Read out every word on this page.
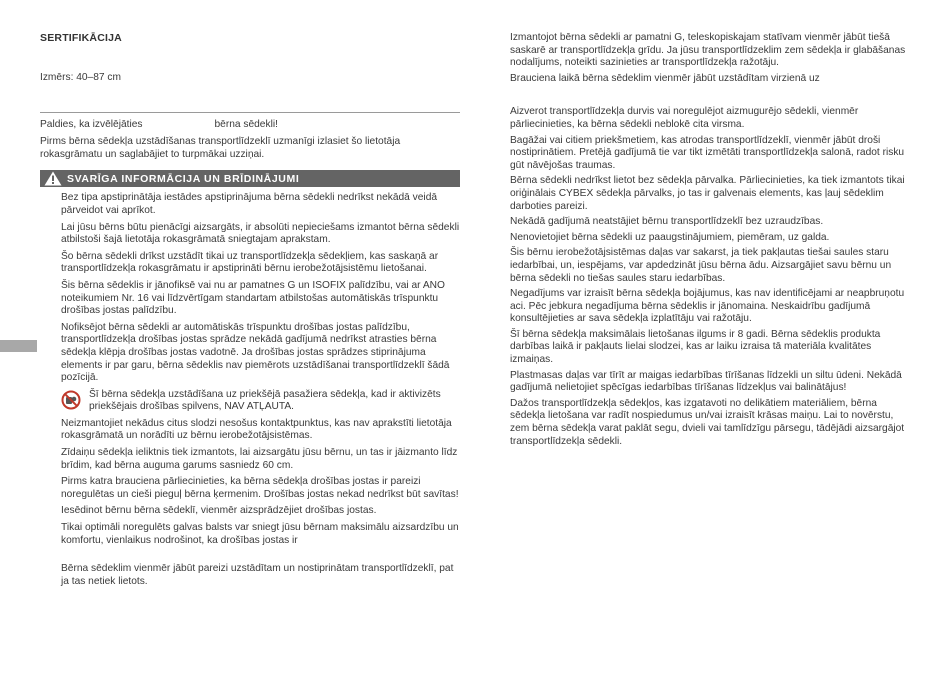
SERTIFIKĀCIJA
Izmērs: 40–87 cm
Paldies, ka izvēlējāties	bērna sēdekli!
Pirms bērna sēdekļa uzstādīšanas transportlīdzeklī uzmanīgi izlasiet šo lietotāja rokasgrāmatu un saglabājiet to turpmākai uzziņai.
SVARĪGA INFORMĀCIJA UN BRĪDINĀJUMI
Bez tipa apstiprinātāja iestādes apstiprinājuma bērna sēdekli nedrīkst nekādā veidā pārveidot vai aprīkot.
Lai jūsu bērns būtu pienācīgi aizsargāts, ir absolūti nepieciešams izmantot bērna sēdekli atbilstoši šajā lietotāja rokasgrāmatā sniegtajam aprakstam.
Šo bērna sēdekli drīkst uzstādīt tikai uz transportlīdzekļa sēdekļiem, kas saskaņā ar transportlīdzekļa rokasgrāmatu ir apstiprināti bērnu ierobežotājsistēmu lietošanai.
Šis bērna sēdeklis ir jānofiksē vai nu ar pamatnes G un ISOFIX palīdzību, vai ar ANO noteikumiem Nr. 16 vai līdzvērtīgam standartam atbilstošas automātiskās trīspunktu drošības jostas palīdzību.
Nofiksējot bērna sēdekli ar automātiskās trīspunktu drošības jostas palīdzību, transportlīdzekļa drošības jostas sprādze nekādā gadījumā nedrīkst atrasties bērna sēdekļa klēpja drošības jostas vadotnē. Ja drošības jostas sprādzes stiprinājuma elements ir par garu, bērna sēdeklis nav piemērots uzstādīšanai transportlīdzeklī šādā pozīcijā.
Šī bērna sēdekļa uzstādīšana uz priekšējā pasažiera sēdekļa, kad ir aktivizēts priekšējais drošības spilvens, NAV ATĻAUTA.
Neizmantojiet nekādus citus slodzi nesošus kontaktpunktus, kas nav aprakstīti lietotāja rokasgrāmatā un norādīti uz bērnu ierobežotājsistēmas.
Zīdaiņu sēdekļa ieliktnis tiek izmantots, lai aizsargātu jūsu bērnu, un tas ir jāizmanto līdz brīdim, kad bērna auguma garums sasniedz 60 cm.
Pirms katra brauciena pārliecinieties, ka bērna sēdekļa drošības jostas ir pareizi noregulētas un cieši pieguļ bērna ķermenim. Drošības jostas nekad nedrīkst būt savītas!
Iesēdinot bērnu bērna sēdeklī, vienmēr aizsprādzējiet drošības jostas.
Tikai optimāli noregulēts galvas balsts var sniegt jūsu bērnam maksimālu aizsardzību un komfortu, vienlaikus nodrošinot, ka drošības jostas ir
Bērna sēdeklim vienmēr jābūt pareizi uzstādītam un nostiprinātam transportlīdzeklī, pat ja tas netiek lietots.
Izmantojot bērna sēdekli ar pamatni G, teleskopiskajam statīvam vienmēr jābūt tiešā saskarē ar transportlīdzekļa grīdu. Ja jūsu transportlīdzeklim zem sēdekļa ir glabāšanas nodalījums, noteikti sazinieties ar transportlīdzekļa ražotāju.
Brauciena laikā bērna sēdeklim vienmēr jābūt uzstādītam virzienā uz
Aizverot transportlīdzekļa durvis vai noregulējot aizmugurējo sēdekli, vienmēr pārliecinieties, ka bērna sēdekli neblokē cita virsma.
Bagāžai vai citiem priekšmetiem, kas atrodas transportlīdzeklī, vienmēr jābūt droši nostiprinātiem. Pretējā gadījumā tie var tikt izmētāti transportlīdzekļa salonā, radot risku gūt nāvējošas traumas.
Bērna sēdekli nedrīkst lietot bez sēdekļa pārvalka. Pārliecinieties, ka tiek izmantots tikai oriģinālais CYBEX sēdekļa pārvalks, jo tas ir galvenais elements, kas ļauj sēdeklim darboties pareizi.
Nekādā gadījumā neatstājiet bērnu transportlīdzeklī bez uzraudzības.
Nenovietojiet bērna sēdekli uz paaugstinājumiem, piemēram, uz galda.
Šis bērnu ierobežotājsistēmas daļas var sakarst, ja tiek pakļautas tiešai saules staru iedarbībai, un, iespējams, var apdedzināt jūsu bērna ādu. Aizsargājiet savu bērnu un bērna sēdekli no tiešas saules staru iedarbības.
Negadījums var izraisīt bērna sēdekļa bojājumus, kas nav identificējami ar neapbruņotu aci. Pēc jebkura negadījuma bērna sēdeklis ir jānomaina. Neskaidrību gadījumā konsultējieties ar sava sēdekļa izplatītāju vai ražotāju.
Šī bērna sēdekļa maksimālais lietošanas ilgums ir 8 gadi. Bērna sēdeklis produkta darbības laikā ir pakļauts lielai slodzei, kas ar laiku izraisa tā materiāla kvalitātes izmaiņas.
Plastmasas daļas var tīrīt ar maigas iedarbības tīrīšanas līdzekli un siltu ūdeni. Nekādā gadījumā nelietojiet spēcīgas iedarbības tīrīšanas līdzekļus vai balinātājus!
Dažos transportlīdzekļa sēdekļos, kas izgatavoti no delikātiem materiāliem, bērna sēdekļa lietošana var radīt nospiedumus un/vai izraisīt krāsas maiņu. Lai to novērstu, zem bērna sēdekļa varat paklāt segu, dvieli vai tamlīdzīgu pārsegu, tādējādi aizsargājot transportlīdzekļa sēdekli.
